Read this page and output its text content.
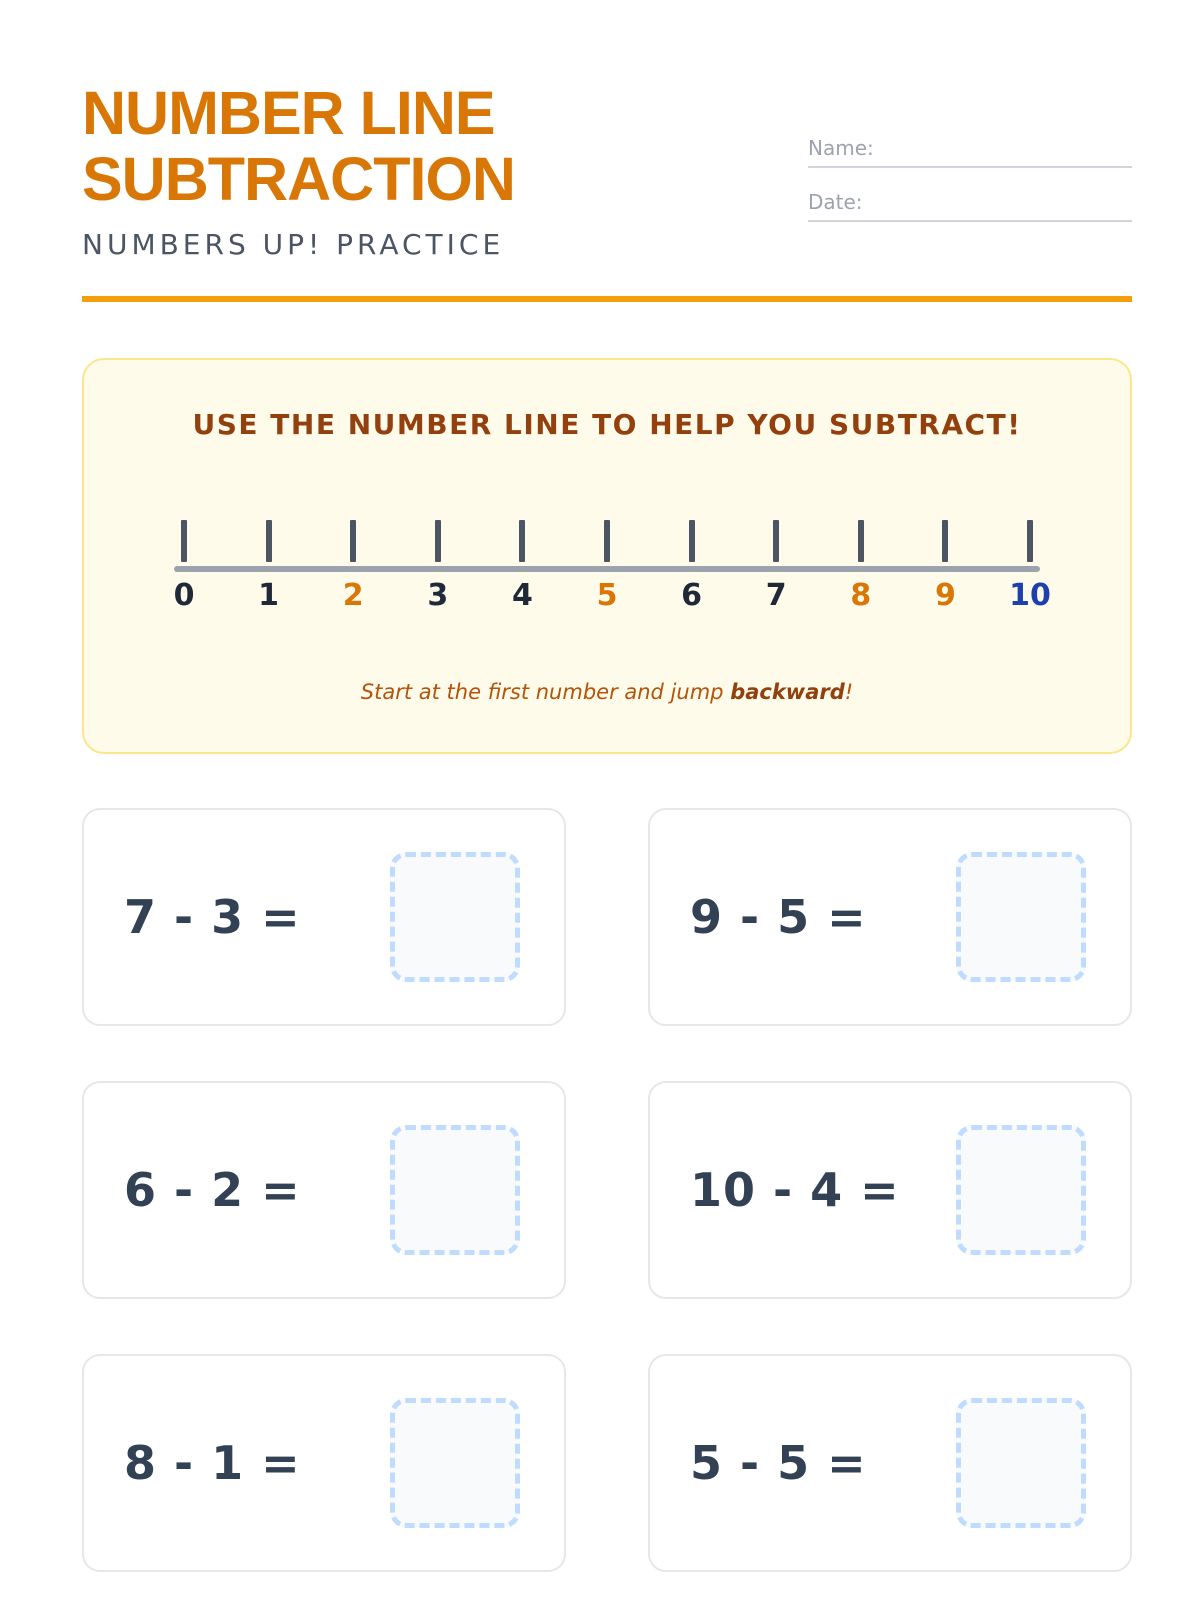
NUMBER LINE
SUBTRACTION
NUMBERS UP! PRACTICE
Name:
Date:
USE THE NUMBER LINE TO HELP YOU SUBTRACT!
0	1	2	3	4	5	6	7	8	9	10
Start at the first number and jump backward!
7 - 3 =	9 - 5 =
6 - 2 =	10 - 4 =
8 - 1 =	5 - 5 =
